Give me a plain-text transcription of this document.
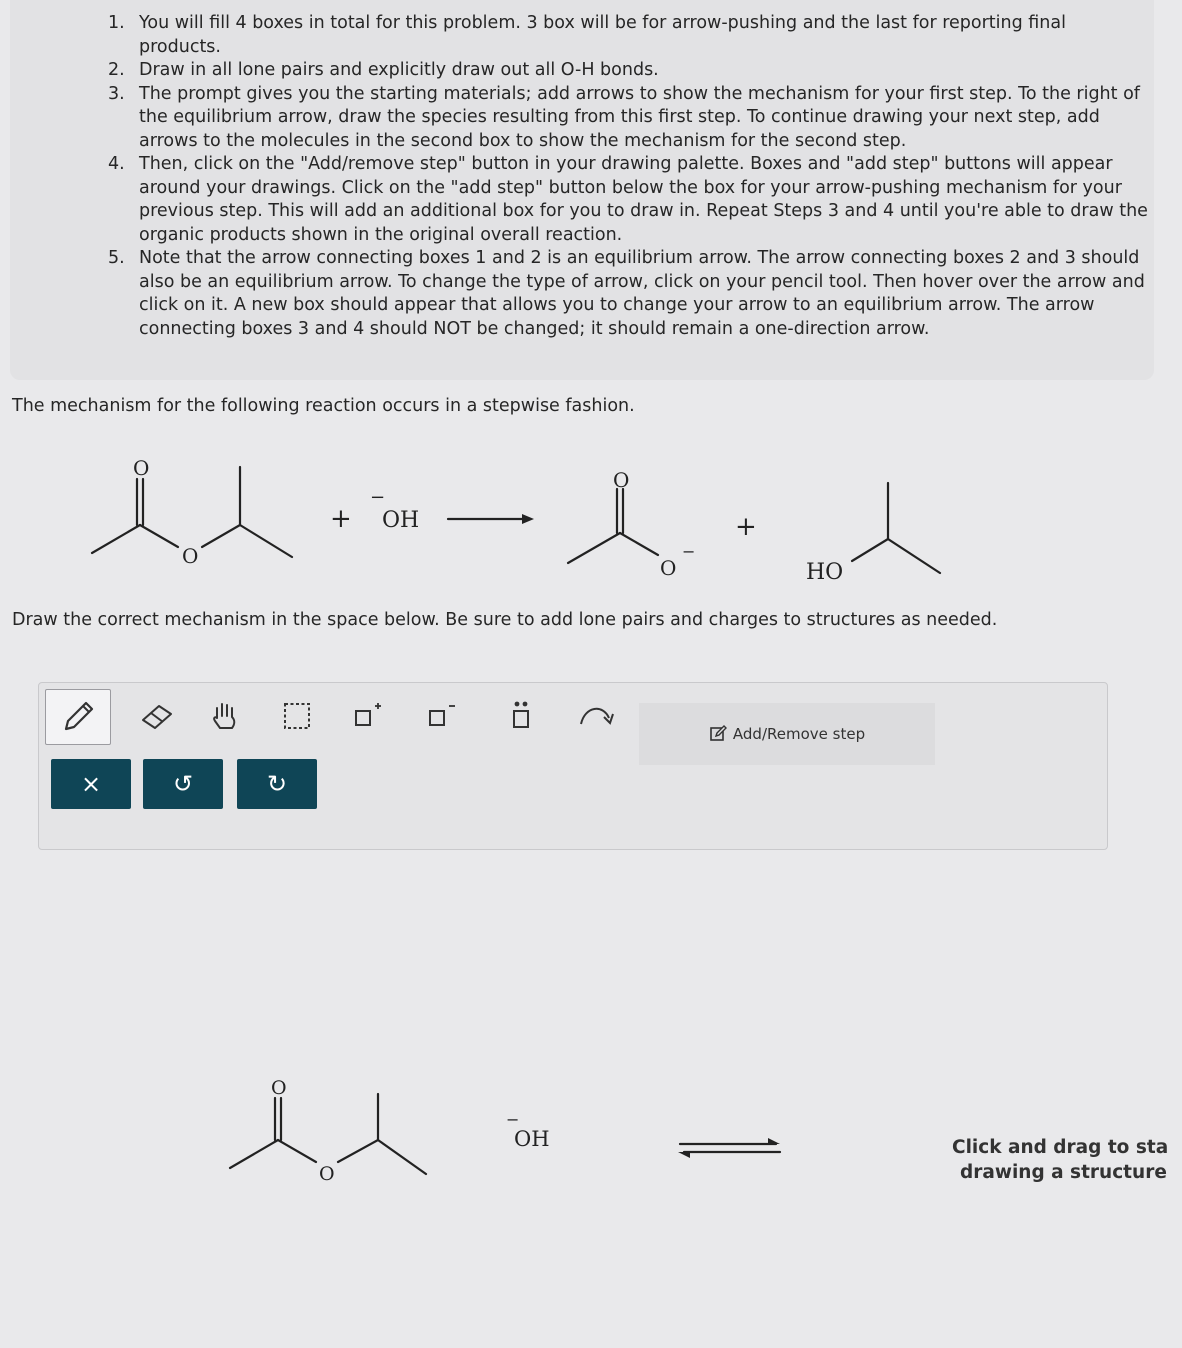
1. You will fill 4 boxes in total for this problem. 3 box will be for arrow-pushing and the last for reporting final products.
2. Draw in all lone pairs and explicitly draw out all O-H bonds.
3. The prompt gives you the starting materials; add arrows to show the mechanism for your first step. To the right of the equilibrium arrow, draw the species resulting from this first step. To continue drawing your next step, add arrows to the molecules in the second box to show the mechanism for the second step.
4. Then, click on the "Add/remove step" button in your drawing palette. Boxes and "add step" buttons will appear around your drawings. Click on the "add step" button below the box for your arrow-pushing mechanism for your previous step. This will add an additional box for you to draw in. Repeat Steps 3 and 4 until you're able to draw the organic products shown in the original overall reaction.
5. Note that the arrow connecting boxes 1 and 2 is an equilibrium arrow. The arrow connecting boxes 2 and 3 should also be an equilibrium arrow. To change the type of arrow, click on your pencil tool. Then hover over the arrow and click on it. A new box should appear that allows you to change your arrow to an equilibrium arrow. The arrow connecting boxes 3 and 4 should NOT be changed; it should remain a one-direction arrow.
The mechanism for the following reaction occurs in a stepwise fashion.
O
O
+
−
OH
O
O
−
+
HO
Draw the correct mechanism in the space below. Be sure to add lone pairs and charges to structures as needed.
Add/Remove step
×	↺	↻
O
O
−
OH	Click and drag to sta
drawing a structure
